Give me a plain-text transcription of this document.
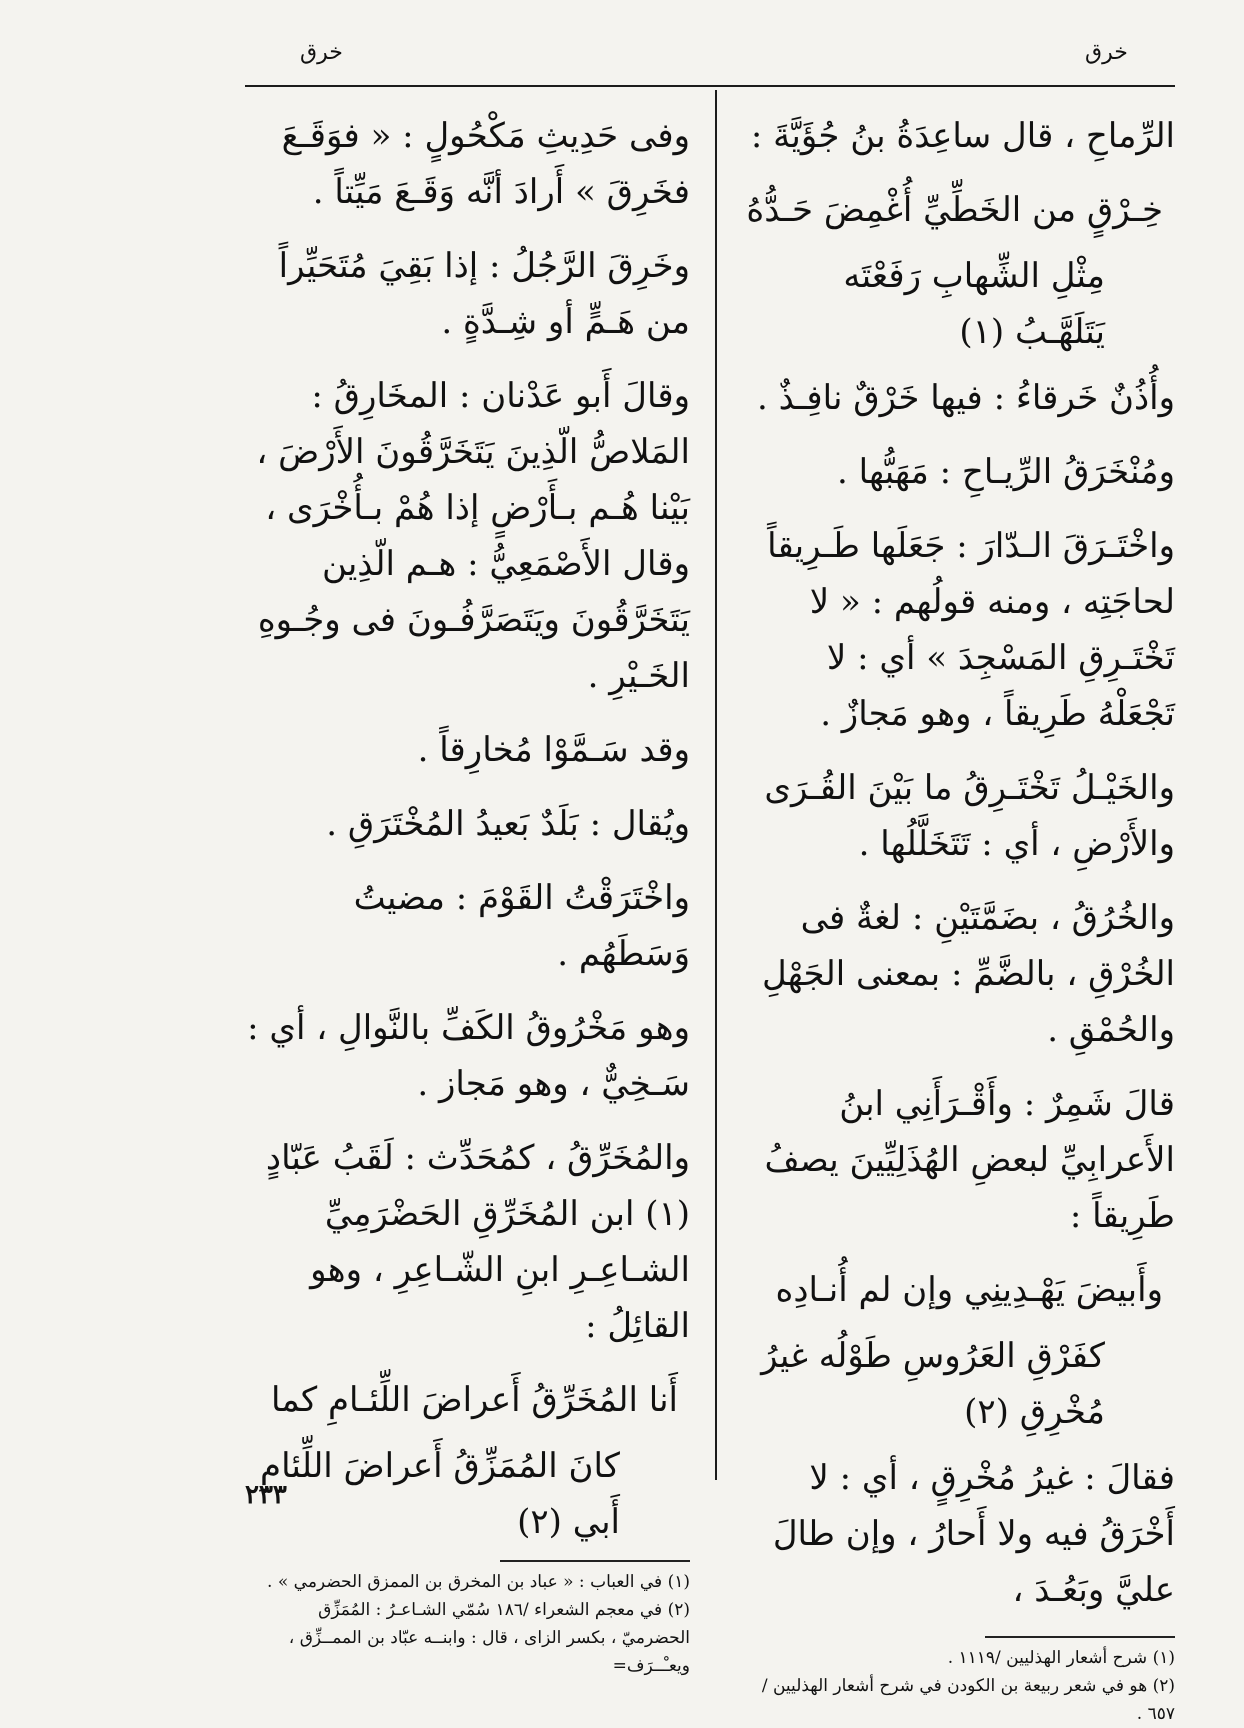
خرق
خرق

الرِّماحِ ، قال ساعِدَةُ بنُ جُؤَيَّةَ :

خِـرْقٍ من الخَطِّيِّ أُغْمِضَ حَـدُّهُ

مِثْلِ الشِّهابِ رَفَعْتَه يَتَلَهَّـبُ (١)

وأُذُنٌ خَرقاءُ : فيها خَرْقٌ نافِـذٌ .

ومُنْخَرَقُ الرِّيـاحِ : مَهَبُّها .

واخْتَـرَقَ الـدّارَ : جَعَلَها طَـرِيقاً لحاجَتِه ، ومنه قولُهم : « لا تَخْتَـرِقِ المَسْجِدَ » أي : لا تَجْعَلْهُ طَرِيقاً ، وهو مَجازٌ .

والخَيْـلُ تَخْتَـرِقُ ما بَيْنَ القُـرَى والأَرْضِ ، أي : تَتَخَلَّلُها .

والخُرُقُ ، بضَمَّتَيْنِ : لغةٌ فى الخُرْقِ ، بالضَّمِّ : بمعنى الجَهْلِ والحُمْقِ .

قالَ شَمِرٌ : وأَقْـرَأَنِي ابنُ الأَعرابِيِّ لبعضِ الهُذَلِيِّينَ يصفُ طَرِيقاً :

وأَبيضَ يَهْـدِينِي وإن لم أُنـادِه

كفَرْقِ العَرُوسِ طَوْلُه غيرُ مُخْرِقِ (٢)

فقالَ : غيرُ مُخْرِقٍ ، أي : لا أَخْرَقُ فيه ولا أَحارُ ، وإن طالَ عليَّ وبَعُـدَ ،

(١) شرح أشعار الهذليين /١١١٩ .

(٢) هو في شعر ربيعة بن الكودن في شرح أشعار الهذليين / ٦٥٧ .

وفى حَدِيثِ مَكْحُولٍ : « فوَقَـعَ فخَرِقَ » أَرادَ أنَّه وَقَـعَ مَيِّتاً .

وخَرِقَ الرَّجُلُ : إذا بَقِيَ مُتَحَيِّراً من هَـمٍّ أو شِـدَّةٍ .

وقالَ أَبو عَدْنان : المخَارِقُ : المَلاصُّ الّذِينَ يَتَخَرَّقُونَ الأَرْضَ ، بَيْنا هُـم بـأَرْضٍ إذا هُمْ بـأُخْرَى ، وقال الأَصْمَعِيُّ : هـم الّذِين يَتَخَرَّقُونَ ويَتَصَرَّفُـونَ فى وجُـوهِ الخَـيْرِ .

وقد سَـمَّوْا مُخارِقاً .

ويُقال : بَلَدٌ بَعيدُ المُخْتَرَقِ .

واخْتَرَقْتُ القَوْمَ : مضيتُ وَسَطَهُم .

وهو مَخْرُوقُ الكَفِّ بالنَّوالِ ، أي : سَـخِيٌّ ، وهو مَجاز .

والمُخَرِّقُ ، كمُحَدِّث : لَقَبُ عَبّادٍ (١) ابن المُخَرِّقِ الحَضْرَمِيِّ الشـاعِـرِ ابنِ الشّـاعِرِ ، وهو القائِلُ :

أَنا المُخَرِّقُ أَعراضَ اللِّئـامِ كما

كانَ المُمَزِّقُ أَعراضَ اللِّئامِ أَبي (٢)

(١) في العباب : « عباد بن المخرق بن الممزق الحضرمي » .

(٢) في معجم الشعراء /١٨٦ سُمّي الشـاعـرُ : المُمَزِّق الحضرميّ ، بكسر الزاى ، قال : وابنــه عبّاد بن الممــزِّق ، ويعـْــرَف=

٢٣٣
